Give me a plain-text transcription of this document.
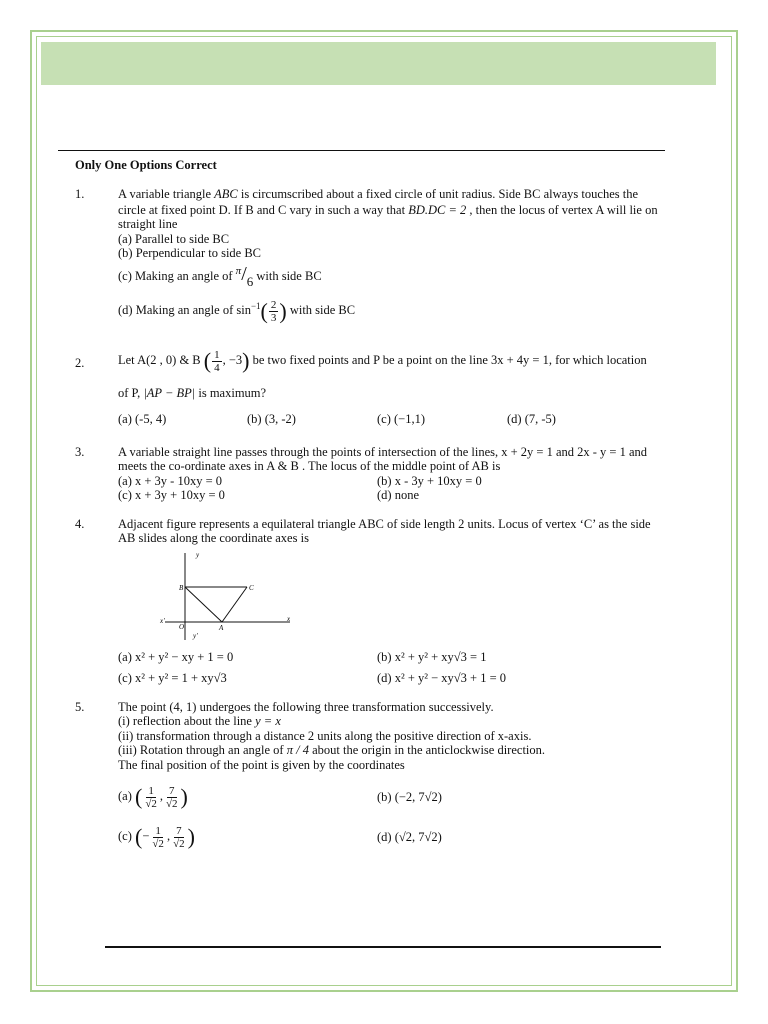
Only One Options Correct
1.	A variable triangle ABC is circumscribed about a fixed circle of unit radius. Side BC always touches the
circle at fixed point D. If B and C vary in such a way that BD.DC = 2 , then the locus of vertex A will lie on
straight line
(a) Parallel to side BC
(b) Perpendicular to side BC
(c) Making an angle of π/6 with side BC
(d) Making an angle of $\sin^{-1}( \frac{2}{3}$ ) with side BC
2.	Let A(2 , 0) & B ( $\frac{1}{4}$ , −3) be two fixed points and P be a point on the line 3x + 4y = 1, for which location
of P, |AP − BP| is maximum?
(a) (-5, 4)	(b) (3, -2)	(c) (−1,1)	(d) (7, -5)
3.	A variable straight line passes through the points of intersection of the lines, x + 2y = 1 and 2x - y = 1 and
meets the co-ordinate axes in A & B . The locus of the middle point of AB is
(a) x + 3y - 10xy = 0	(b) x - 3y + 10xy = 0
(c) x + 3y + 10xy = 0	(d) none
4.	Adjacent figure represents a equilateral triangle ABC of side length 2 units. Locus of vertex ‘C’ as the side
AB slides along the coordinate axes is
y
x
x'
y'
O	A
B	C
(a) x² + y² − xy + 1 = 0	(b) x² + y² + xy√3 = 1
(c) x² + y² = 1 + xy√3	(d) x² + y² − xy√3 + 1 = 0
5.	The point (4, 1) undergoes the following three transformation successively.
(i) reflection about the line y = x
(ii) transformation through a distance 2 units along the positive direction of x-axis.
(iii) Rotation through an angle of π / 4 about the origin in the anticlockwise direction.
The final position of the point is given by the coordinates
(a) ( $\frac{1}{√2}$ , $\frac{7}{√2}$ )	(b) (−2, 7√2)
(c) (− $\frac{1}{√2}$ , $\frac{7}{√2}$ )	(d) (√2, 7√2)
